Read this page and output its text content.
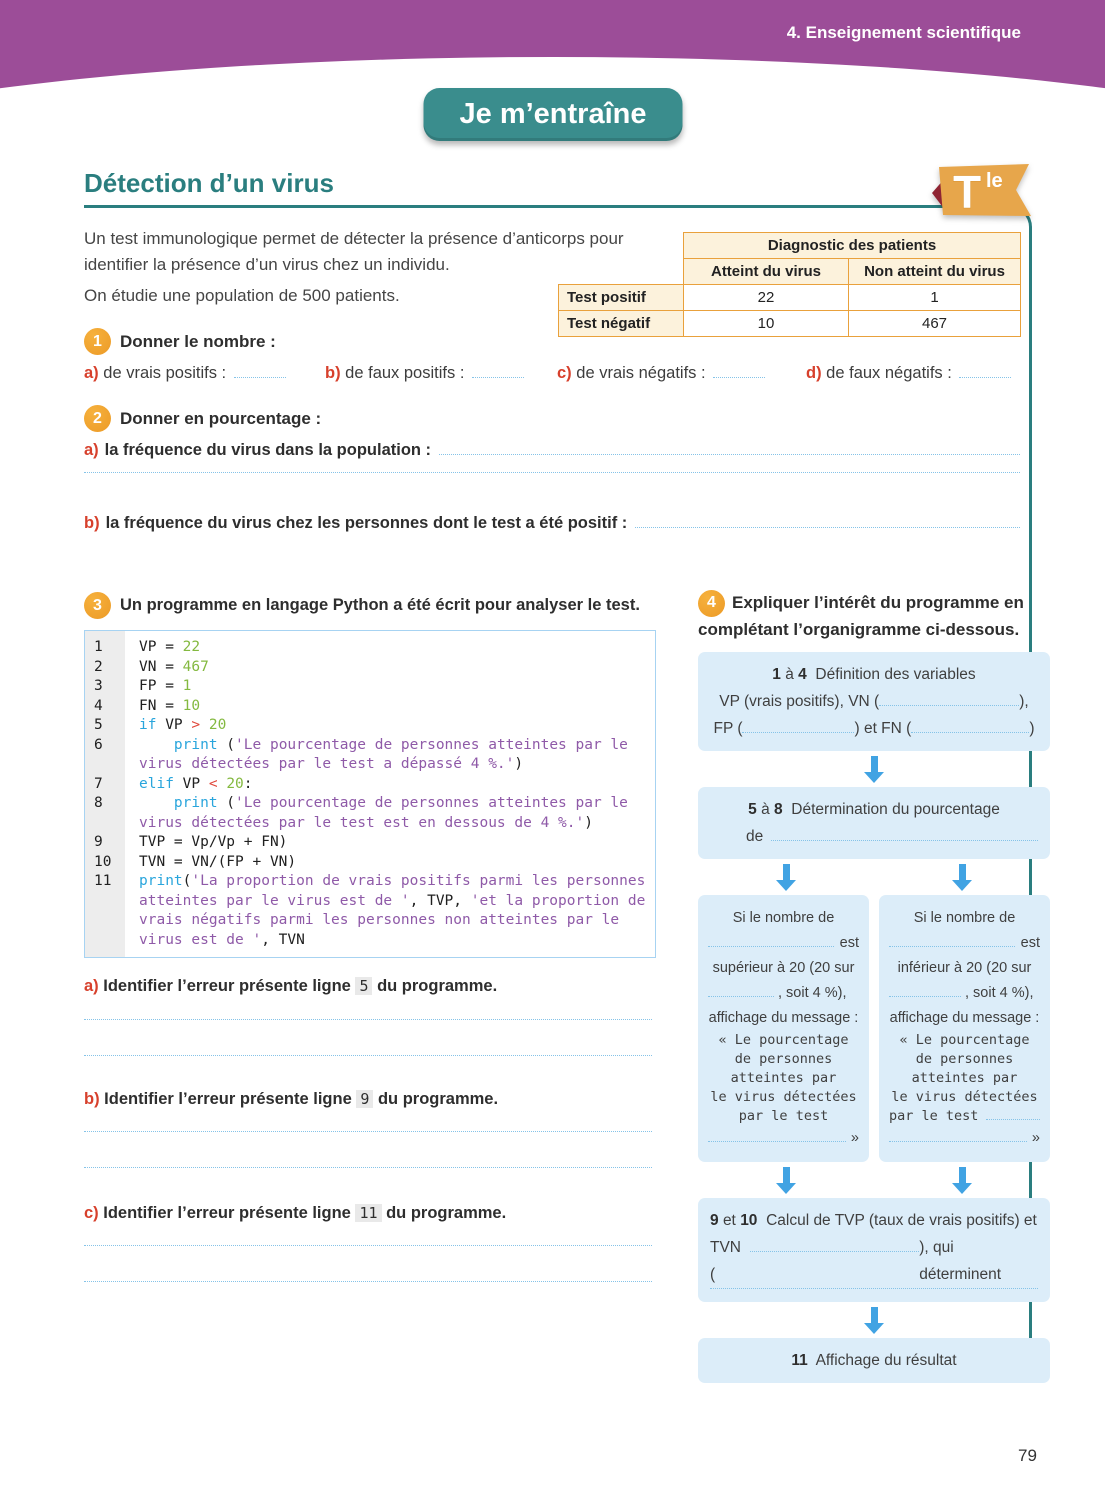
4. Enseignement scientifique
Je m’entraîne
Détection d’un virus	T le
Un test immunologique permet de détecter la présence d’anticorps pour identifier la présence d’un virus chez un individu.
On étudie une population de 500 patients.
	Diagnostic des patients	
	Atteint du virus	Non atteint du virus
Test positif	22	1
Test négatif	10	467
1	Donner le nombre :
a) de vrais positifs :	b) de faux positifs :	c) de vrais négatifs :	d) de faux négatifs :
2	Donner en pourcentage :
a) la fréquence du virus dans la population :
b) la fréquence du virus chez les personnes dont le test a été positif :
3	Un programme en langage Python a été écrit pour analyser le test.
1	VP = 22
2	VN = 467
3	FP = 1
4	FN = 10
5	if VP > 20
6	print ('Le pourcentage de personnes atteintes par le virus détectées par le test a dépassé 4 %.')
7	elif VP < 20:
8	print ('Le pourcentage de personnes atteintes par le virus détectées par le test est en dessous de 4 %.')
9	TVP = Vp/Vp + FN)
10	TVN = VN/(FP + VN)
11	print('La proportion de vrais positifs parmi les personnes atteintes par le virus est de ', TVP, 'et la proportion de vrais négatifs parmi les personnes non atteintes par le virus est de ', TVN
a) Identifier l’erreur présente ligne 5 du programme.
b) Identifier l’erreur présente ligne 9 du programme.
c) Identifier l’erreur présente ligne 11 du programme.
4 Expliquer l’intérêt du programme en complétant l’organigramme ci-dessous.
1 à 4 Définition des variables
VP (vrais positifs), VN (	),
FP (	) et FN (	)
5 à 8 Détermination du pourcentage
de
Si le nombre de
est
supérieur à 20 (20 sur
, soit 4 %),
affichage du message :
« Le pourcentage
de personnes
atteintes par
le virus détectées
par le test
»
Si le nombre de
est
inférieur à 20 (20 sur
, soit 4 %),
affichage du message :
« Le pourcentage
de personnes
atteintes par
le virus détectées
par le test
»
9 et 10 Calcul de TVP (taux de vrais positifs) et
TVN (
), qui déterminent
11 Affichage du résultat
79
